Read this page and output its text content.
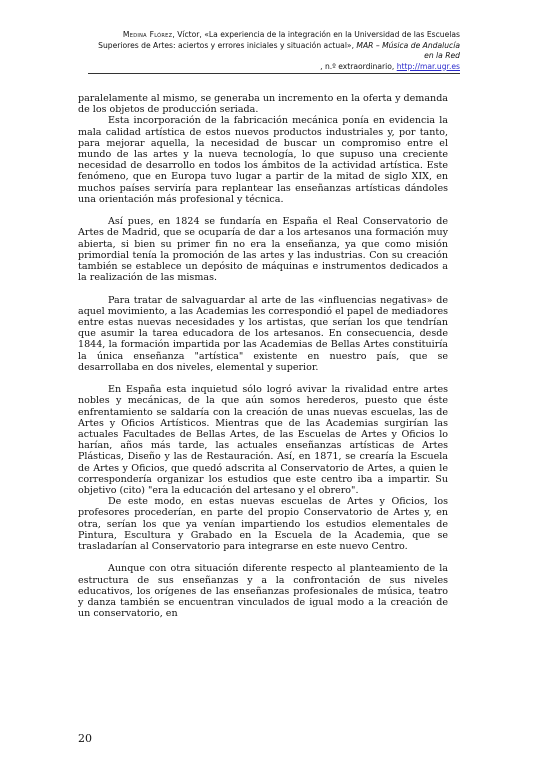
Medina Flórez, Víctor, «La experiencia de la integración en la Universidad de las Escuelas
Superiores de Artes: aciertos y errores iniciales y situación actual», MAR – Música de Andalucía en la Red
, n.º extraordinario, http://mar.ugr.es

paralelamente al mismo, se generaba un incremento en la oferta y demanda de los objetos de producción seriada.

Esta incorporación de la fabricación mecánica ponía en evidencia la mala calidad artística de estos nuevos productos industriales y, por tanto, para mejorar aquella, la necesidad de buscar un compromiso entre el mundo de las artes y la nueva tecnología, lo que supuso una creciente necesidad de desarrollo en todos los ámbitos de la actividad artística. Este fenómeno, que en Europa tuvo lugar a partir de la mitad de siglo XIX, en muchos países serviría para replantear las enseñanzas artísticas dándoles una orientación más profesional y técnica.

Así pues, en 1824 se fundaría en España el Real Conservatorio de Artes de Madrid, que se ocuparía de dar a los artesanos una formación muy abierta, si bien su primer fin no era la enseñanza, ya que como misión primordial tenía la promoción de las artes y las industrias. Con su creación también se establece un depósito de máquinas e instrumentos dedicados a la realización de las mismas.

Para tratar de salvaguardar al arte de las «influencias negativas» de aquel movimiento, a las Academias les correspondió el papel de mediadores entre estas nuevas necesidades y los artistas, que serían los que tendrían que asumir la tarea educadora de los artesanos. En consecuencia, desde 1844, la formación impartida por las Academias de Bellas Artes constituiría la única enseñanza "artística" existente en nuestro país, que se desarrollaba en dos niveles, elemental y superior.

En España esta inquietud sólo logró avivar la rivalidad entre artes nobles y mecánicas, de la que aún somos herederos, puesto que éste enfrentamiento se saldaría con la creación de unas nuevas escuelas, las de Artes y Oficios Artísticos. Mientras que de las Academias surgirían las actuales Facultades de Bellas Artes, de las Escuelas de Artes y Oficios lo harían, años más tarde, las actuales enseñanzas artísticas de Artes Plásticas, Diseño y las de Restauración. Así, en 1871, se crearía la Escuela de Artes y Oficios, que quedó adscrita al Conservatorio de Artes, a quien le correspondería organizar los estudios que este centro iba a impartir. Su objetivo (cito) "era la educación del artesano y el obrero".

De este modo, en estas nuevas escuelas de Artes y Oficios, los profesores procederían, en parte del propio Conservatorio de Artes y, en otra, serían los que ya venían impartiendo los estudios elementales de Pintura, Escultura y Grabado en la Escuela de la Academia, que se trasladarían al Conservatorio para integrarse en este nuevo Centro.

Aunque con otra situación diferente respecto al planteamiento de la estructura de sus enseñanzas y a la confrontación de sus niveles educativos, los orígenes de las enseñanzas profesionales de música, teatro y danza también se encuentran vinculados de igual modo a la creación de un conservatorio, en

20
